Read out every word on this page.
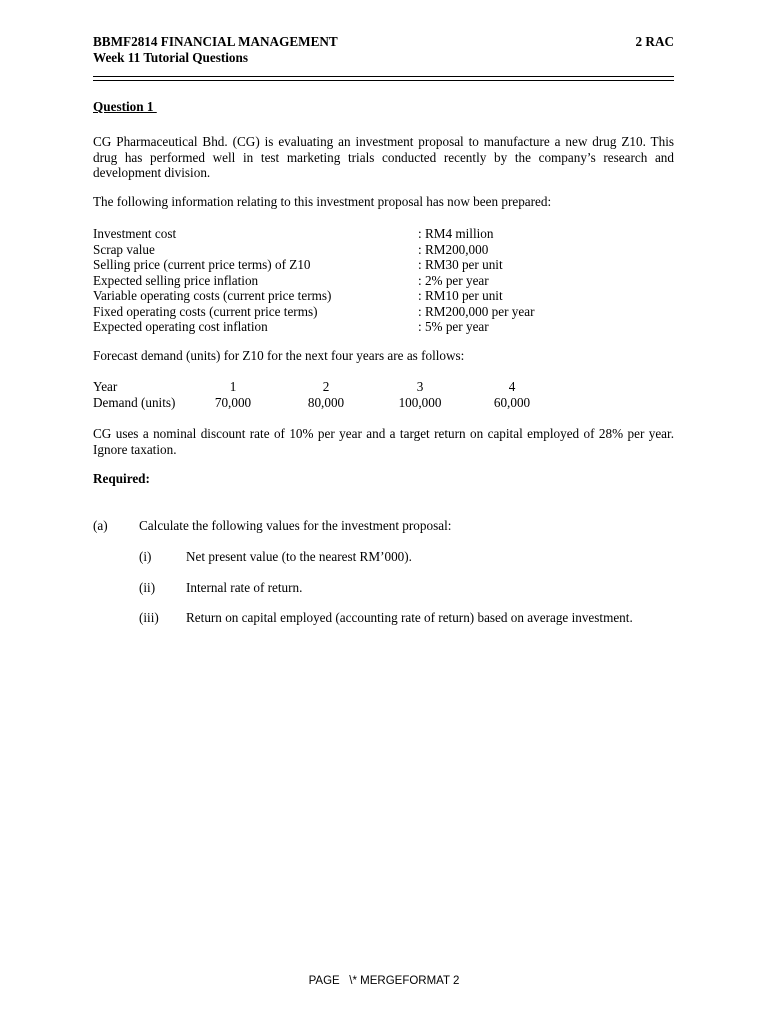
BBMF2814 FINANCIAL MANAGEMENT	2 RAC
Week 11 Tutorial Questions
Question 1
CG Pharmaceutical Bhd. (CG) is evaluating an investment proposal to manufacture a new drug Z10. This drug has performed well in test marketing trials conducted recently by the company’s research and development division.
The following information relating to this investment proposal has now been prepared:
Investment cost	: RM4 million
Scrap value	: RM200,000
Selling price (current price terms) of Z10	: RM30 per unit
Expected selling price inflation	: 2% per year
Variable operating costs (current price terms)	: RM10 per unit
Fixed operating costs (current price terms)	: RM200,000 per year
Expected operating cost inflation	: 5% per year
Forecast demand (units) for Z10 for the next four years are as follows:
Year	1	2	3	4
Demand (units)	70,000	80,000	100,000	60,000
CG uses a nominal discount rate of 10% per year and a target return on capital employed of 28% per year. Ignore taxation.
Required:
(a) Calculate the following values for the investment proposal:
(i)	Net present value (to the nearest RM’000).
(ii) Internal rate of return.
(iii) Return on capital employed (accounting rate of return) based on average investment.
PAGE   \* MERGEFORMAT 2
